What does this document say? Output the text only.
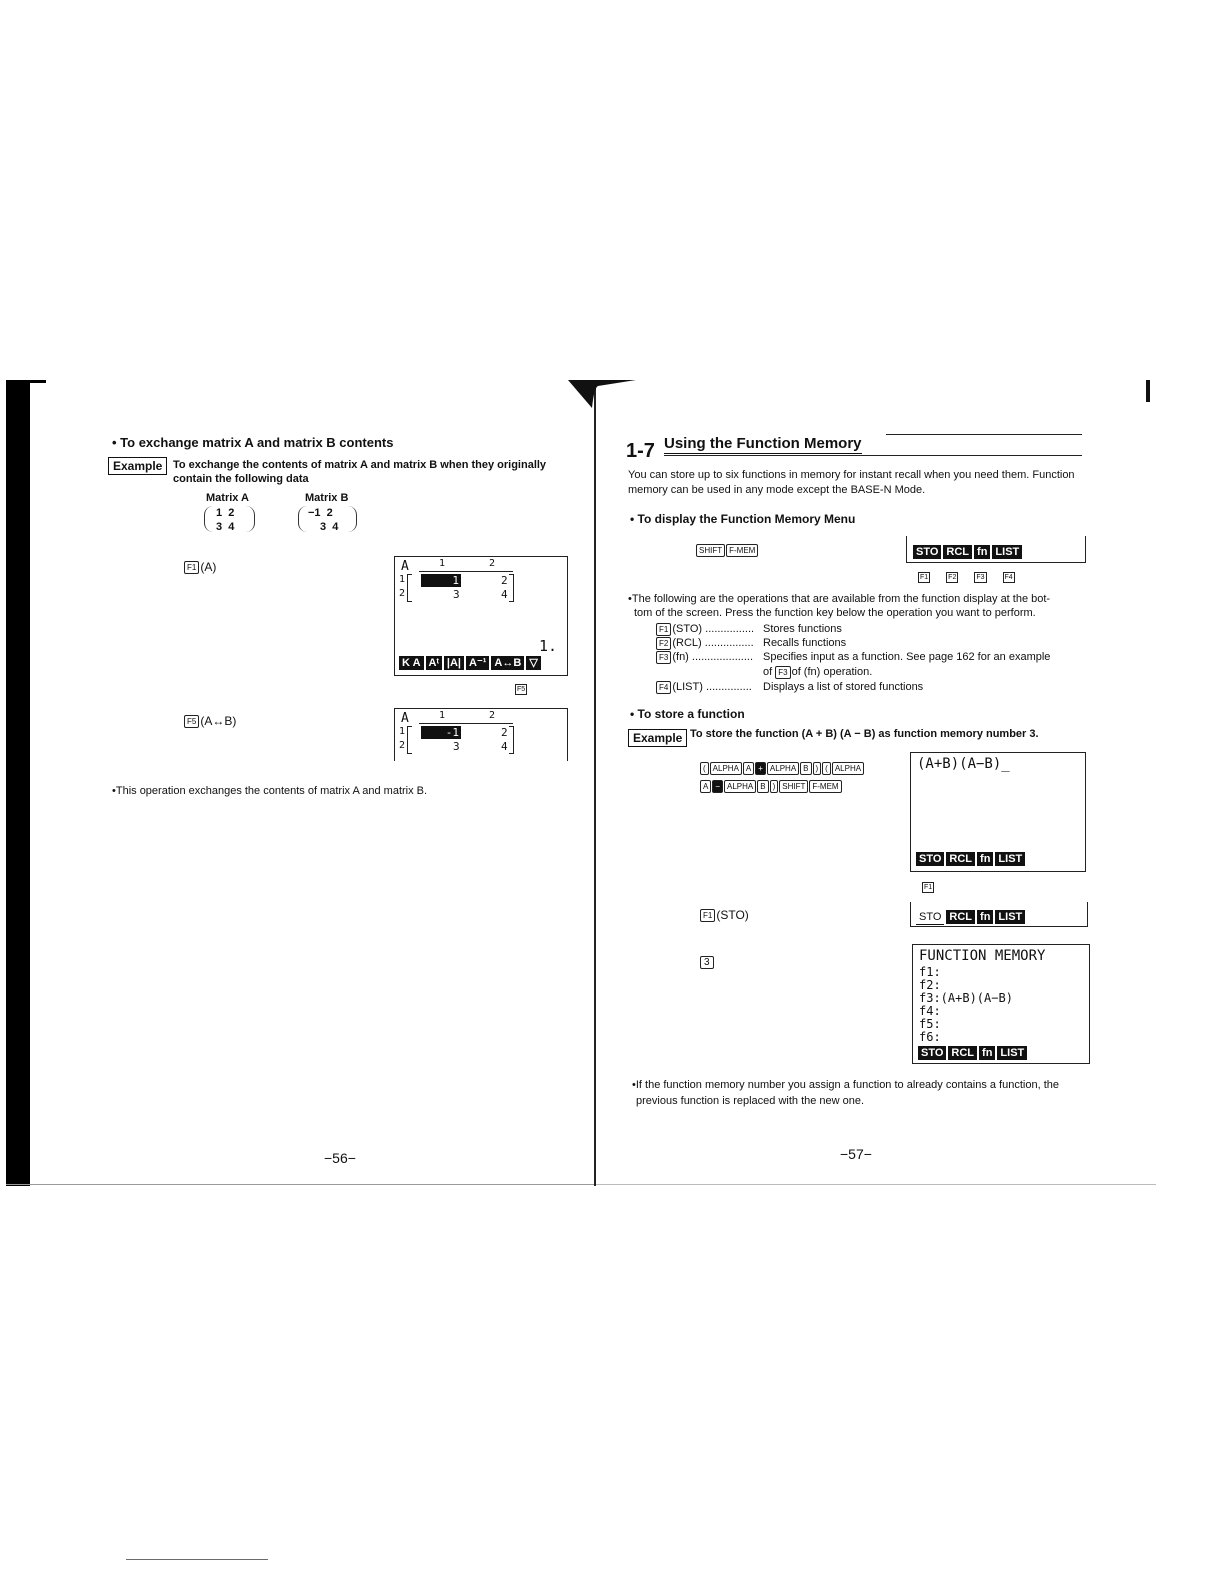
• To exchange matrix A and matrix B contents
Example To exchange the contents of matrix A and matrix B when they originally
contain the following data
Matrix A
1  2
3  4
Matrix B
−1  2
3  4
F1 (A)	A	1	2
1
2
1	2
3	4
1.
K A Aᵗ |A| A⁻¹ A↔B ▽
F5
F5 (A↔B)	A	1	2
1
2
-1	2
3	4
•This operation exchanges the contents of matrix A and matrix B.
−56−
1-7 Using the Function Memory
You can store up to six functions in memory for instant recall when you need them. Function
memory can be used in any mode except the BASE-N Mode.
• To display the Function Memory Menu
SHIFT F-MEM	STO RCL fn LIST
F1	F2	F3	F4
•The following are the operations that are available from the function display at the bot-
tom of the screen. Press the function key below the operation you want to perform.
F1 (STO) ................ Stores functions
F2 (RCL) ................ Recalls functions
F3 (fn) .................... Specifies input as a function. See page 162 for an example
of F3 of (fn) operation.
F4 (LIST) ............... Displays a list of stored functions
• To store a function
Example To store the function (A + B) (A − B) as function memory number 3.
( ALPHA A + ALPHA B ) ( ALPHA
A − ALPHA B ) SHIFT F-MEM
(A+B)(A−B)_
STO RCL fn LIST
F1
F1 (STO)	STO RCL fn LIST
3	FUNCTION MEMORY
f1:
f2:
f3:(A+B)(A−B)
f4:
f5:
f6:
STO RCL fn LIST
•If the function memory number you assign a function to already contains a function, the
previous function is replaced with the new one.
−57−
